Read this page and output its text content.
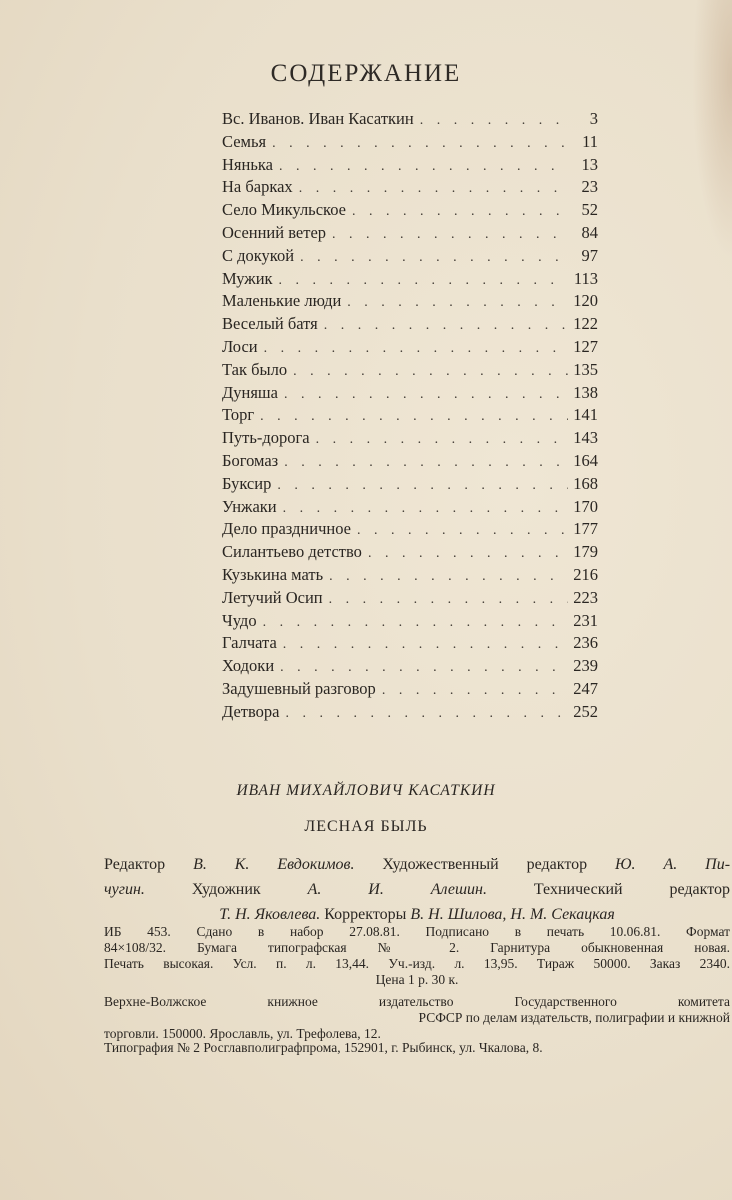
СОДЕРЖАНИЕ
Вс. Иванов. Иван Касаткин . . .	3
Семья . . .	11
Нянька . . .	13
На барках . . .	23
Село Микульское . . .	52
Осенний ветер . . .	84
С докукой . . .	97
Мужик . . .	113
Маленькие люди . . .	120
Веселый батя . . .	122
Лоси . . .	127
Так было . . .	135
Дуняша . . .	138
Торг . . .	141
Путь-дорога . . .	143
Богомаз . . .	164
Буксир . . .	168
Унжаки . . .	170
Дело праздничное . . .	177
Силантьево детство . . .	179
Кузькина мать . . .	216
Летучий Осип . . .	223
Чудо . . .	231
Галчата . . .	236
Ходоки . . .	239
Задушевный разговор . . .	247
Детвора . . .	252
ИВАН МИХАЙЛОВИЧ КАСАТКИН
ЛЕСНАЯ БЫЛЬ
Редактор В. К. Евдокимов. Художественный редактор Ю. А. Пи-
чугин.	Художник	А. И. Алешин.	Технический редактор
Т. Н. Яковлева. Корректоры В. Н. Шилова, Н. М. Секацкая
ИБ 453. Сдано в набор 27.08.81. Подписано в печать 10.06.81. Формат
84×108/32. Бумага типографская № 2. Гарнитура обыкновенная новая.
Печать высокая. Усл. п. л. 13,44. Уч.-изд. л. 13,95. Тираж 50000. Заказ 2340.
Цена 1 р. 30 к.
Верхне-Волжское книжное издательство Государственного комитета
РСФСР по делам издательств, полиграфии и книжной
торговли. 150000. Ярославль, ул. Трефолева, 12.
Типография № 2 Росглавполиграфпрома, 152901, г. Рыбинск, ул. Чкалова, 8.
